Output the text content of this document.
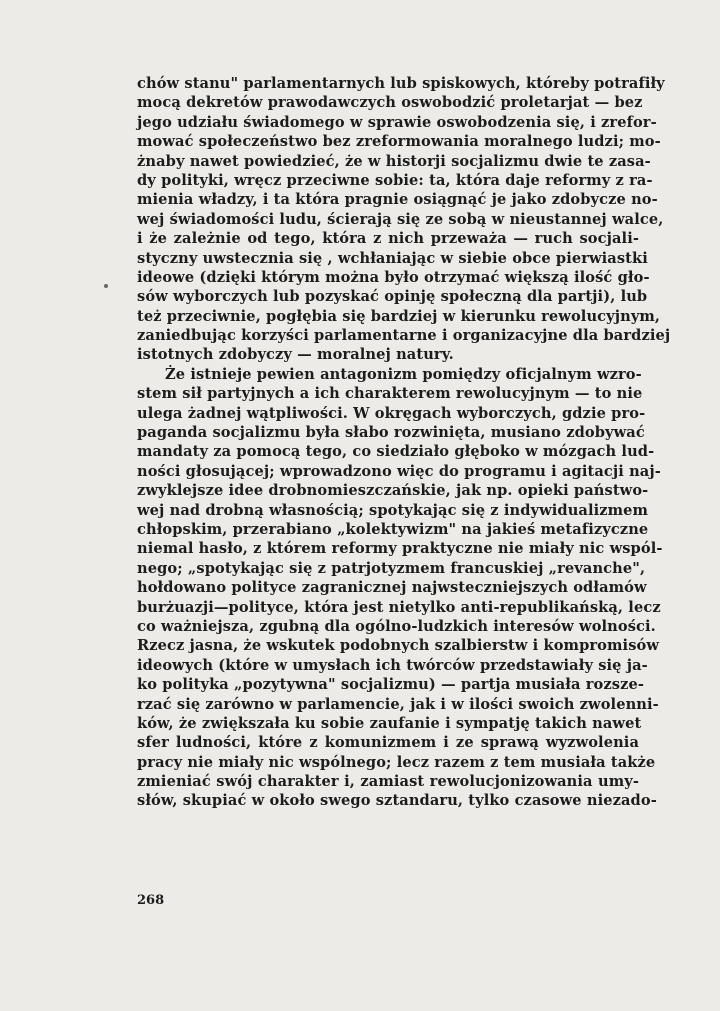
chów stanu" parlamentarnych lub spiskowych, któreby potrafiły
mocą dekretów prawodawczych oswobodzić proletarjat — bez
jego udziału świadomego w sprawie oswobodzenia się, i zrefor-
mować społeczeństwo bez zreformowania moralnego ludzi; mo-
żnaby nawet powiedzieć, że w historji socjalizmu dwie te zasa-
dy polityki, wręcz przeciwne sobie: ta, która daje reformy z ra-
mienia władzy, i ta która pragnie osiągnąć je jako zdobycze no-
wej świadomości ludu, ścierają się ze sobą w nieustannej walce,
i że zależnie od tego, która z nich przeważa — ruch socjali-
styczny uwstecznia się , wchłaniając w siebie obce pierwiastki
ideowe (dzięki którym można było otrzymać większą ilość gło-
sów wyborczych lub pozyskać opinję społeczną dla partji), lub
też przeciwnie, pogłębia się bardziej w kierunku rewolucyjnym,
zaniedbując korzyści parlamentarne i organizacyjne dla bardziej
istotnych zdobyczy — moralnej natury.
Że istnieje pewien antagonizm pomiędzy oficjalnym wzro-
stem sił partyjnych a ich charakterem rewolucyjnym — to nie
ulega żadnej wątpliwości. W okręgach wyborczych, gdzie pro-
paganda socjalizmu była słabo rozwinięta, musiano zdobywać
mandaty za pomocą tego, co siedziało głęboko w mózgach lud-
ności głosującej; wprowadzono więc do programu i agitacji naj-
zwyklejsze idee drobnomieszczańskie, jak np. opieki państwo-
wej nad drobną własnością; spotykając się z indywidualizmem
chłopskim, przerabiano „kolektywizm" na jakieś metafizyczne
niemal hasło, z którem reformy praktyczne nie miały nic wspól-
nego; „spotykając się z patrjotyzmem francuskiej „revanche",
hołdowano polityce zagranicznej najwsteczniejszych odłamów
burżuazji—polityce, która jest nietylko anti-republikańską, lecz
co ważniejsza, zgubną dla ogólno-ludzkich interesów wolności.
Rzecz jasna, że wskutek podobnych szalbierstw i kompromisów
ideowych (które w umysłach ich twórców przedstawiały się ja-
ko polityka „pozytywna" socjalizmu) — partja musiała rozsze-
rzać się zarówno w parlamencie, jak i w ilości swoich zwolenni-
ków, że zwiększała ku sobie zaufanie i sympatję takich nawet
sfer ludności, które z komunizmem i ze sprawą wyzwolenia
pracy nie miały nic wspólnego; lecz razem z tem musiała także
zmieniać swój charakter i, zamiast rewolucjonizowania umy-
słów, skupiać w około swego sztandaru, tylko czasowe niezado-
268
